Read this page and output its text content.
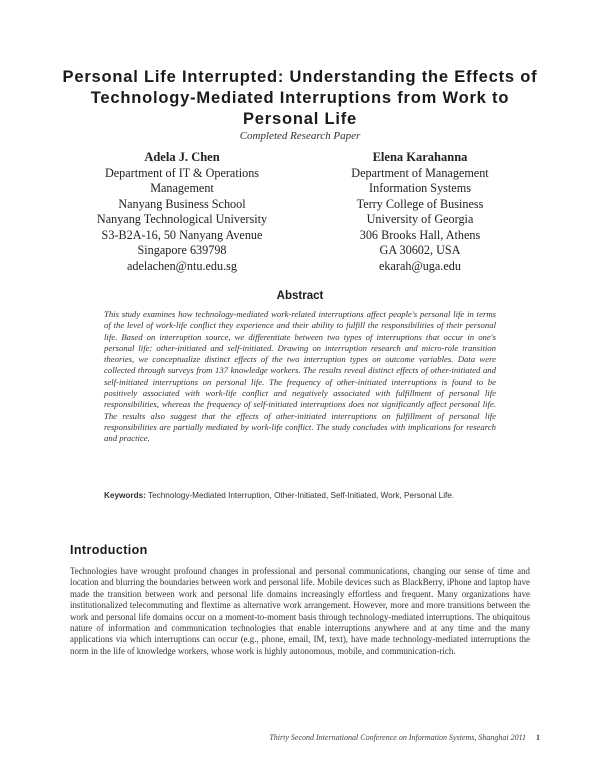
Personal Life Interrupted: Understanding the Effects of Technology-Mediated Interruptions from Work to Personal Life
Completed Research Paper
Adela J. Chen
Department of IT & Operations
Management
Nanyang Business School
Nanyang Technological University
S3-B2A-16, 50 Nanyang Avenue
Singapore 639798
adelachen@ntu.edu.sg
Elena Karahanna
Department of Management
Information Systems
Terry College of Business
University of Georgia
306 Brooks Hall, Athens
GA 30602, USA
ekarah@uga.edu
Abstract

This study examines how technology-mediated work-related interruptions affect people's personal life in terms of the level of work-life conflict they experience and their ability to fulfill the responsibilities of their personal life. Based on interruption source, we differentiate between two types of interruptions that occur in one's personal life: other-initiated and self-initiated. Drawing on interruption research and micro-role transition theories, we conceptualize distinct effects of the two interruption types on outcome variables. Data were collected through surveys from 137 knowledge workers. The results reveal distinct effects of other-initiated and self-initiated interruptions on personal life. The frequency of other-initiated interruptions is found to be positively associated with work-life conflict and negatively associated with fulfillment of personal life responsibilities, whereas the frequency of self-initiated interruptions does not significantly affect personal life. The results also suggest that the effects of other-initiated interruptions on fulfillment of personal life responsibilities are partially mediated by work-life conflict. The study concludes with implications for research and practice.

Keywords: Technology-Mediated Interruption, Other-Initiated, Self-Initiated, Work, Personal Life.
Introduction

Technologies have wrought profound changes in professional and personal communications, changing our sense of time and location and blurring the boundaries between work and personal life. Mobile devices such as BlackBerry, iPhone and laptop have made the transition between work and personal life domains increasingly effortless and frequent. Many organizations have institutionalized telecommuting and flextime as alternative work arrangement. However, more and more transitions between the work and personal life domains occur on a moment-to-moment basis through technology-mediated interruptions. The ubiquitous nature of information and communication technologies that enable interruptions anywhere and at any time and the many applications via which interruptions can occur (e.g., phone, email, IM, text), have made technology-mediated interruptions the norm in the life of knowledge workers, whose work is highly autonomous, mobile, and communication-rich.

Thirty Second International Conference on Information Systems, Shanghai 2011 1
